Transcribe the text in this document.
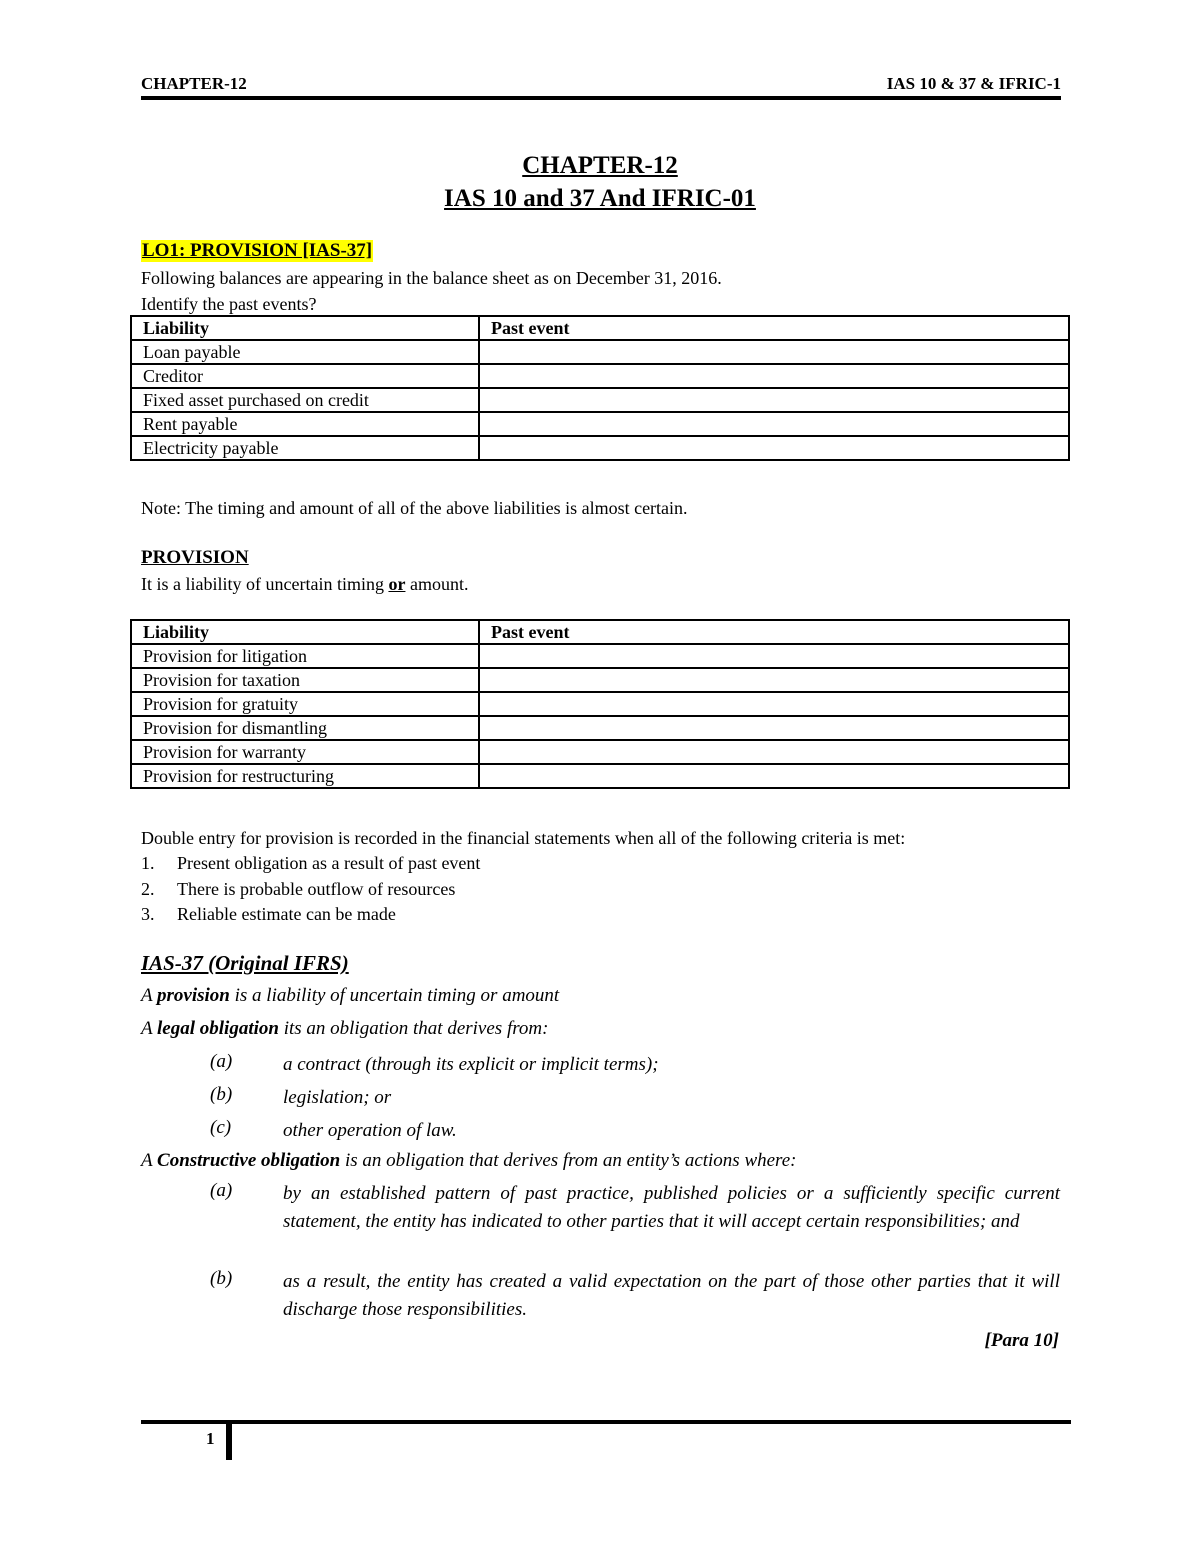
CHAPTER-12	IAS 10 & 37 & IFRIC-1
CHAPTER-12
IAS 10 and 37 And IFRIC-01
LO1: PROVISION [IAS-37]
Following balances are appearing in the balance sheet as on December 31, 2016.
Identify the past events?
Liability	Past event
Loan payable	
Creditor	
Fixed asset purchased on credit	
Rent payable	
Electricity payable	
Note: The timing and amount of all of the above liabilities is almost certain.
PROVISION
It is a liability of uncertain timing or amount.
Liability	Past event
Provision for litigation	
Provision for taxation	
Provision for gratuity	
Provision for dismantling	
Provision for warranty	
Provision for restructuring	
Double entry for provision is recorded in the financial statements when all of the following criteria is met:
1. Present obligation as a result of past event
2. There is probable outflow of resources
3. Reliable estimate can be made
IAS-37 (Original IFRS)
A provision is a liability of uncertain timing or amount
A legal obligation its an obligation that derives from:
(a)	a contract (through its explicit or implicit terms);
(b)	legislation; or
(c)	other operation of law.
A Constructive obligation is an obligation that derives from an entity’s actions where:
(a)	by an established pattern of past practice, published policies or a sufficiently specific current statement, the entity has indicated to other parties that it will accept certain responsibilities; and
(b)	as a result, the entity has created a valid expectation on the part of those other parties that it will discharge those responsibilities.
[Para 10]
1
